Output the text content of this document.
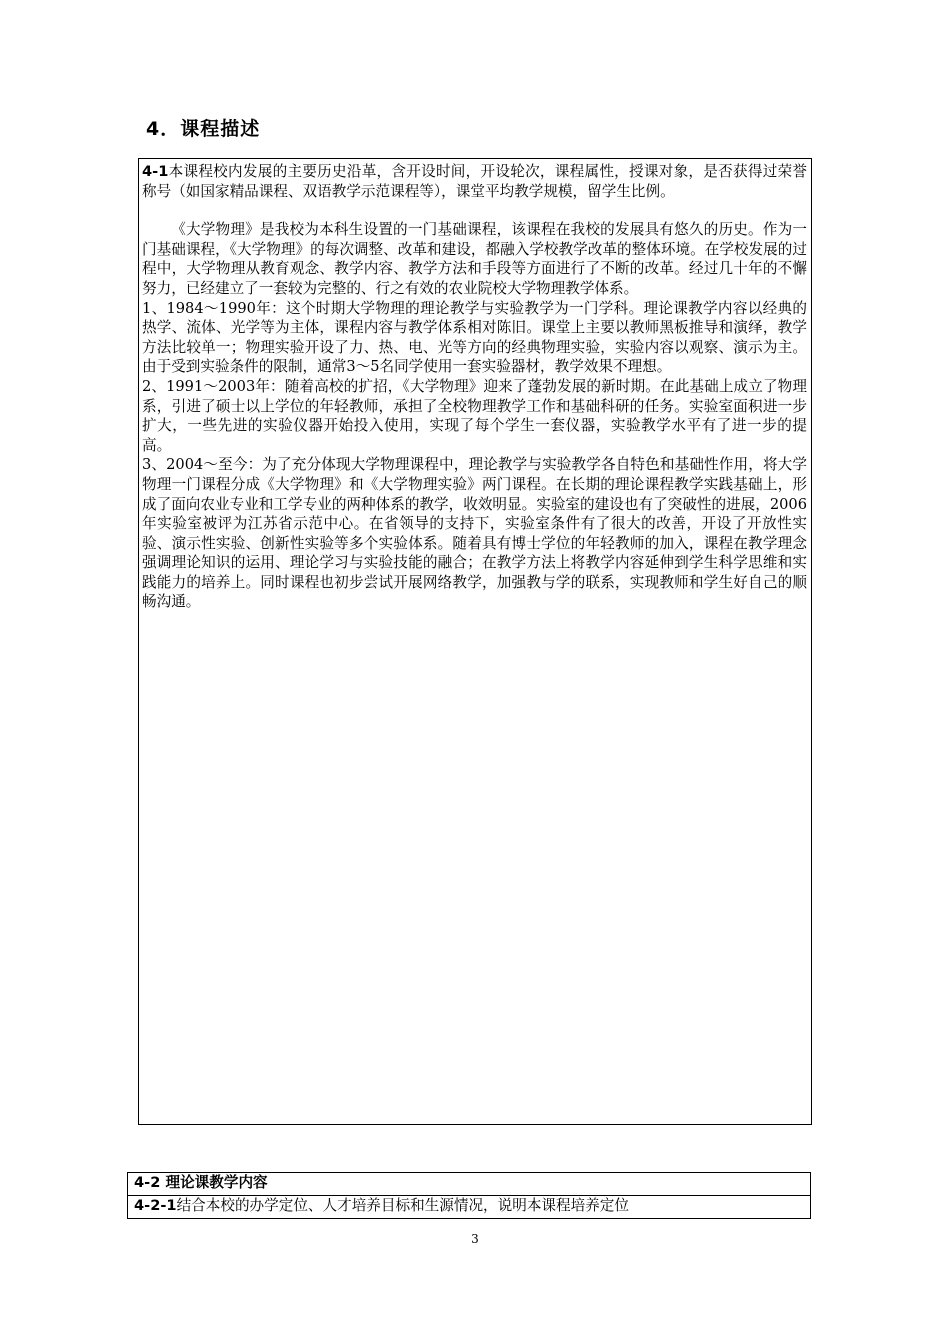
4．课程描述

4-1本课程校内发展的主要历史沿革，含开设时间，开设轮次，课程属性，授课对象，是否获得过荣誉称号（如国家精品课程、双语教学示范课程等），课堂平均教学规模，留学生比例。

《大学物理》是我校为本科生设置的一门基础课程，该课程在我校的发展具有悠久的历史。作为一门基础课程，《大学物理》的每次调整、改革和建设，都融入学校教学改革的整体环境。在学校发展的过程中，大学物理从教育观念、教学内容、教学方法和手段等方面进行了不断的改革。经过几十年的不懈努力，已经建立了一套较为完整的、行之有效的农业院校大学物理教学体系。

1、1984～1990年：这个时期大学物理的理论教学与实验教学为一门学科。理论课教学内容以经典的热学、流体、光学等为主体，课程内容与教学体系相对陈旧。课堂上主要以教师黑板推导和演绎，教学方法比较单一；物理实验开设了力、热、电、光等方向的经典物理实验，实验内容以观察、演示为主。由于受到实验条件的限制，通常3～5名同学使用一套实验器材，教学效果不理想。

2、1991～2003年：随着高校的扩招，《大学物理》迎来了蓬勃发展的新时期。在此基础上成立了物理系，引进了硕士以上学位的年轻教师，承担了全校物理教学工作和基础科研的任务。实验室面积进一步扩大，一些先进的实验仪器开始投入使用，实现了每个学生一套仪器，实验教学水平有了进一步的提高。

3、2004～至今：为了充分体现大学物理课程中，理论教学与实验教学各自特色和基础性作用，将大学物理一门课程分成《大学物理》和《大学物理实验》两门课程。在长期的理论课程教学实践基础上，形成了面向农业专业和工学专业的两种体系的教学，收效明显。实验室的建设也有了突破性的进展，2006年实验室被评为江苏省示范中心。在省领导的支持下，实验室条件有了很大的改善，开设了开放性实验、演示性实验、创新性实验等多个实验体系。随着具有博士学位的年轻教师的加入，课程在教学理念强调理论知识的运用、理论学习与实验技能的融合；在教学方法上将教学内容延伸到学生科学思维和实践能力的培养上。同时课程也初步尝试开展网络教学，加强教与学的联系，实现教师和学生好自己的顺畅沟通。

4-2 理论课教学内容
4-2-1结合本校的办学定位、人才培养目标和生源情况，说明本课程培养定位
3
